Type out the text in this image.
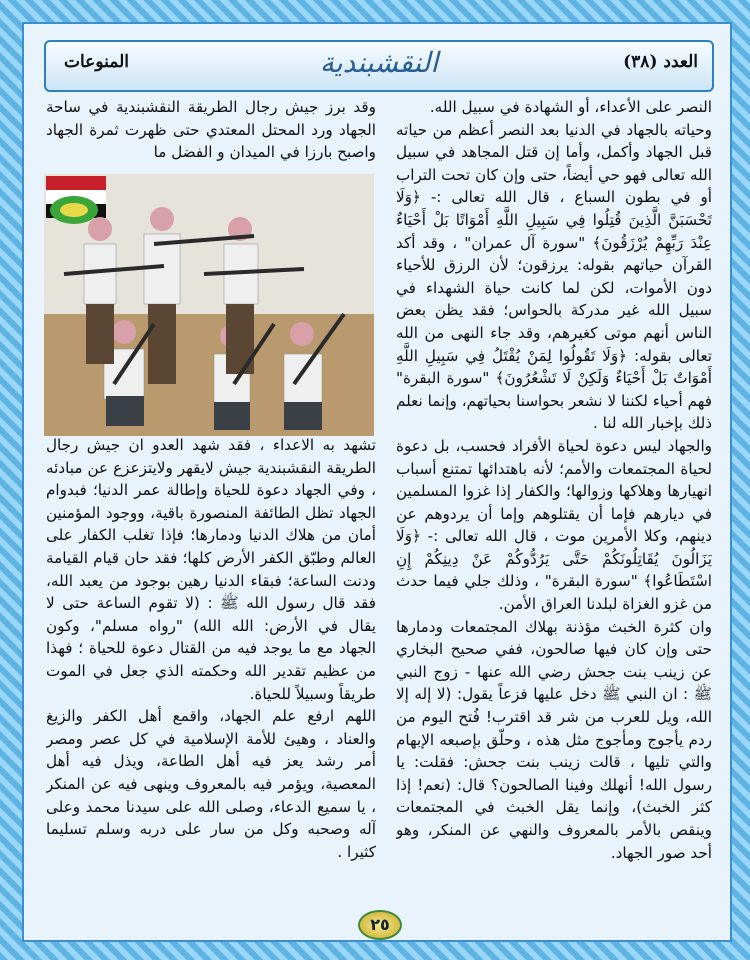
العدد (٣٨)
النقشبندية
المنوعات

النصر على الأعداء، أو الشهادة في سبيل الله.

وحياته بالجهاد في الدنيا بعد النصر أعظم من حياته قبل الجهاد وأكمل، وأما إن قتل المجاهد في سبيل الله تعالى فهو حي أيضاً، حتى وإن كان تحت التراب أو في بطون السباع ، قال الله تعالى :- ﴿وَلَا تَحْسَبَنَّ الَّذِينَ قُتِلُوا فِي سَبِيلِ اللَّهِ أَمْوَاتًا بَلْ أَحْيَاءٌ عِنْدَ رَبِّهِمْ يُرْزَقُونَ﴾ "سورة آل عمران" ، وقد أكد القرآن حياتهم بقوله: يرزقون؛ لأن الرزق للأحياء دون الأموات، لكن لما كانت حياة الشهداء في سبيل الله غير مدركة بالحواس؛ فقد يظن بعض الناس أنهم موتى كغيرهم، وقد جاء النهى من الله تعالى بقوله: ﴿وَلَا تَقُولُوا لِمَنْ يُقْتَلُ فِي سَبِيلِ اللَّهِ أَمْوَاتٌ بَلْ أَحْيَاءٌ وَلَكِنْ لَا تَشْعُرُونَ﴾ "سورة البقرة" فهم أحياء لكننا لا نشعر بحواسنا بحياتهم، وإنما نعلم ذلك بإخبار الله لنا .

والجهاد ليس دعوة لحياة الأفراد فحسب، بل دعوة لحياة المجتمعات والأمم؛ لأنه باهتدائها تمتنع أسباب انهيارها وهلاكها وزوالها؛ والكفار إذا غزوا المسلمين في ديارهم فإما أن يقتلوهم وإما أن يردوهم عن دينهم، وكلا الأمرين موت ، قال الله تعالى :- ﴿وَلَا يَزَالُونَ يُقَاتِلُونَكُمْ حَتَّى يَرُدُّوكُمْ عَنْ دِينِكُمْ إِنِ اسْتَطَاعُوا﴾ "سورة البقرة" ، وذلك جلي فيما حدث من غزو الغزاة لبلدنا العراق الأمن.

وان كثرة الخبث مؤذنة بهلاك المجتمعات ودمارها حتى وإن كان فيها صالحون، ففي صحيح البخاري عن زينب بنت جحش رضي الله عنها - زوج النبي ﷺ : ان النبي ﷺ دخل عليها فزعاً يقول: (لا إله إلا الله، ويل للعرب من شر قد اقترب! فُتح اليوم من ردم يأجوج ومأجوج مثل هذه ، وحلّق بإصبعه الإبهام والتي تليها ، قالت زينب بنت جحش: فقلت: يا رسول الله! أنهلك وفينا الصالحون؟ قال: (نعم! إذا كثر الخبث)، وإنما يقل الخبث في المجتمعات وينقص بالأمر بالمعروف والنهي عن المنكر، وهو أحد صور الجهاد.

وقد برز جيش رجال الطريقة النقشبندية في ساحة الجهاد ورد المحتل المعتدي حتى ظهرت ثمرة الجهاد واصبح بارزا في الميدان و الفضل ما

تشهد به الاعداء ، فقد شهد العدو ان جيش رجال الطريقة النقشبندية جيش لايقهر ولايتزعزع عن مبادئه ، وفي الجهاد دعوة للحياة وإطالة عمر الدنيا؛ فبدوام الجهاد تظل الطائفة المنصورة باقية، ووجود المؤمنين أمان من هلاك الدنيا ودمارها؛ فإذا تغلب الكفار على العالم وطبّق الكفر الأرض كلها؛ فقد حان قيام القيامة ودنت الساعة؛ فبقاء الدنيا رهين بوجود من يعبد الله، فقد قال رسول الله ﷺ : (لا تقوم الساعة حتى لا يقال في الأرض: الله الله) "رواه مسلم"، وكون الجهاد مع ما يوجد فيه من القتال دعوة للحياة ؛ فهذا من عظيم تقدير الله وحكمته الذي جعل في الموت طريقاً وسبيلاً للحياة.

اللهم ارفع علم الجهاد، واقمع أهل الكفر والزيغ والعناد ، وهيئ للأمة الإسلامية في كل عصر ومصر أمر رشد يعز فيه أهل الطاعة، ويذل فيه أهل المعصية، ويؤمر فيه بالمعروف وينهى فيه عن المنكر ، يا سميع الدعاء، وصلى الله على سيدنا محمد وعلى آله وصحبه وكل من سار على دربه وسلم تسليما كثيرا .

٢٥
